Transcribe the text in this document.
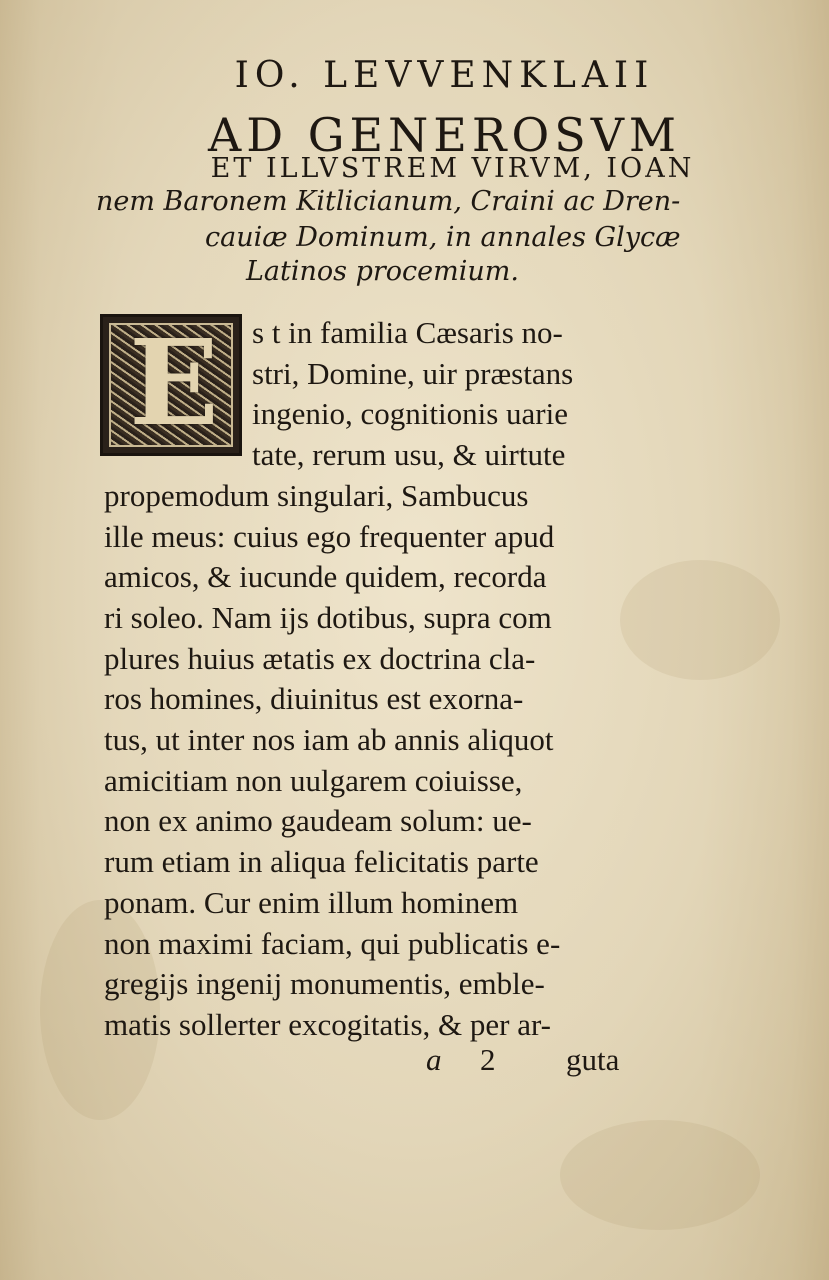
IO. LEVVENKLAII
AD GENEROSVM
ET ILLVSTREM VIRVM, IOAN
nem Baronem Kitlicianum, Craini ac Dren-
cauiæ Dominum, in annales Glycæ
Latinos procemium.
E s t in familia Cæsaris no-
stri, Domine, uir præstans
ingenio, cognitionis uarie
tate, rerum usu, & uirtute
propemodum singulari, Sambucus
ille meus: cuius ego frequenter apud
amicos, & iucunde quidem, recorda
ri soleo. Nam ijs dotibus, supra com
plures huius ætatis ex doctrina cla-
ros homines, diuinitus est exorna-
tus, ut inter nos iam ab annis aliquot
amicitiam non uulgarem coiuisse,
non ex animo gaudeam solum: ue-
rum etiam in aliqua felicitatis parte
ponam. Cur enim illum hominem
non maximi faciam, qui publicatis e-
gregijs ingenij monumentis, emble-
matis sollerter excogitatis, & per ar-
a 2 guta
